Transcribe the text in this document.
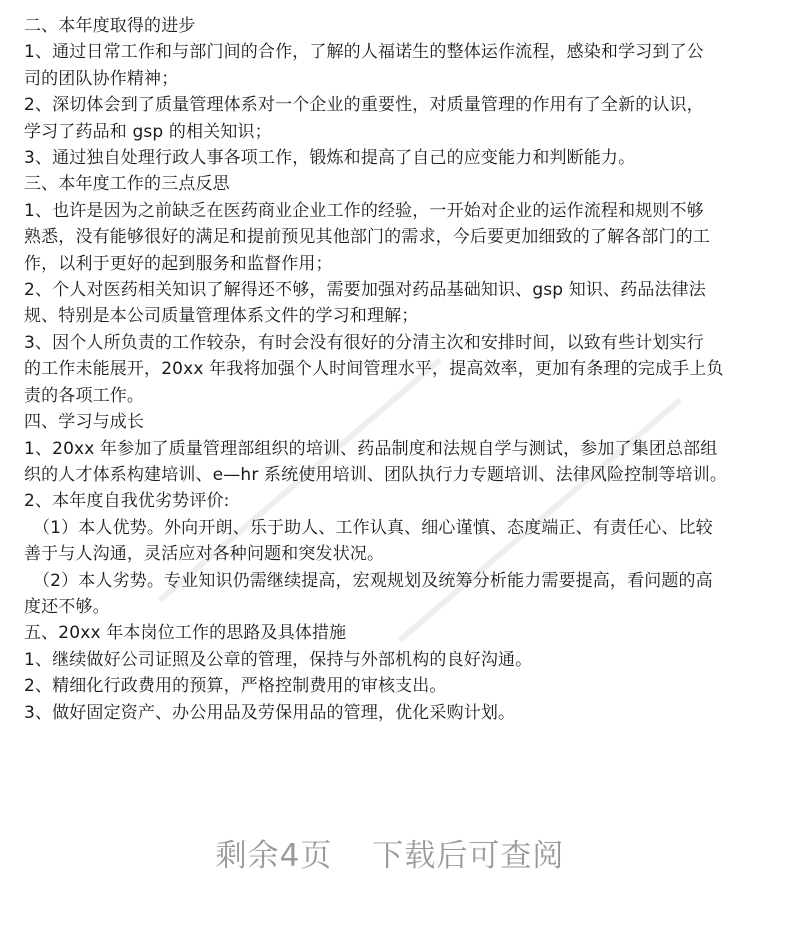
二、本年度取得的进步
1、通过日常工作和与部门间的合作，了解的人福诺生的整体运作流程，感染和学习到了公
司的团队协作精神；
2、深切体会到了质量管理体系对一个企业的重要性，对质量管理的作用有了全新的认识，
学习了药品和 gsp 的相关知识；
3、通过独自处理行政人事各项工作，锻炼和提高了自己的应变能力和判断能力。
三、本年度工作的三点反思
1、也许是因为之前缺乏在医药商业企业工作的经验，一开始对企业的运作流程和规则不够
熟悉，没有能够很好的满足和提前预见其他部门的需求，今后要更加细致的了解各部门的工
作，以利于更好的起到服务和监督作用；
2、个人对医药相关知识了解得还不够，需要加强对药品基础知识、gsp 知识、药品法律法
规、特别是本公司质量管理体系文件的学习和理解；
3、因个人所负责的工作较杂，有时会没有很好的分清主次和安排时间，以致有些计划实行
的工作未能展开，20xx 年我将加强个人时间管理水平，提高效率，更加有条理的完成手上负
责的各项工作。
四、学习与成长
1、20xx 年参加了质量管理部组织的培训、药品制度和法规自学与测试，参加了集团总部组
织的人才体系构建培训、e—hr 系统使用培训、团队执行力专题培训、法律风险控制等培训。
2、本年度自我优劣势评价:
（1）本人优势。外向开朗、乐于助人、工作认真、细心谨慎、态度端正、有责任心、比较
善于与人沟通，灵活应对各种问题和突发状况。
（2）本人劣势。专业知识仍需继续提高，宏观规划及统筹分析能力需要提高，看问题的高
度还不够。
五、20xx 年本岗位工作的思路及具体措施
1、继续做好公司证照及公章的管理，保持与外部机构的良好沟通。
2、精细化行政费用的预算，严格控制费用的审核支出。
3、做好固定资产、办公用品及劳保用品的管理，优化采购计划。
剩余4页 下载后可查阅
